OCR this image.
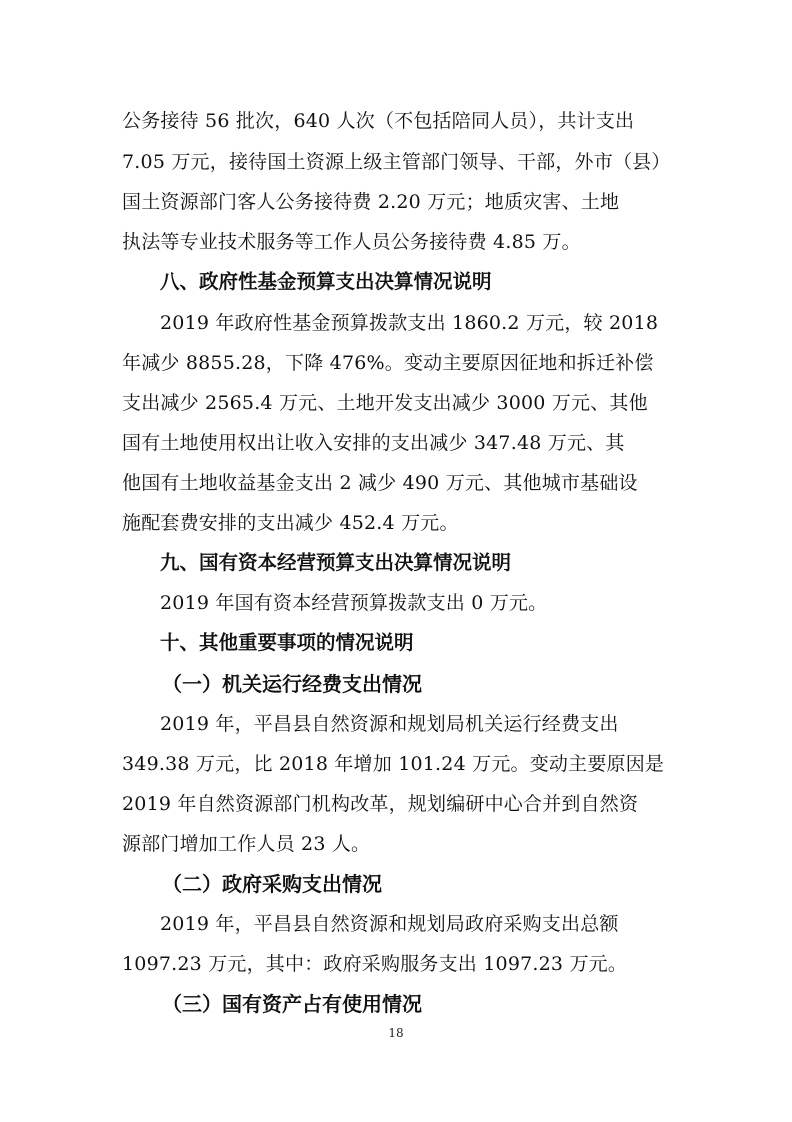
公务接待 56 批次，640 人次（不包括陪同人员），共计支出
7.05 万元，接待国土资源上级主管部门领导、干部，外市（县）
国土资源部门客人公务接待费 2.20 万元；地质灾害、土地
执法等专业技术服务等工作人员公务接待费 4.85 万。
八、政府性基金预算支出决算情况说明
2019 年政府性基金预算拨款支出 1860.2 万元，较 2018
年减少 8855.28，下降 476%。变动主要原因征地和拆迁补偿
支出减少 2565.4 万元、土地开发支出减少 3000 万元、其他
国有土地使用权出让收入安排的支出减少 347.48 万元、其
他国有土地收益基金支出 2 减少 490 万元、其他城市基础设
施配套费安排的支出减少 452.4 万元。
九、国有资本经营预算支出决算情况说明
2019 年国有资本经营预算拨款支出 0 万元。
十、其他重要事项的情况说明
（一）机关运行经费支出情况
2019 年，平昌县自然资源和规划局机关运行经费支出
349.38 万元，比 2018 年增加 101.24 万元。变动主要原因是
2019 年自然资源部门机构改革，规划编研中心合并到自然资
源部门增加工作人员 23 人。
（二）政府采购支出情况
2019 年，平昌县自然资源和规划局政府采购支出总额
1097.23 万元，其中：政府采购服务支出 1097.23 万元。
（三）国有资产占有使用情况
18
